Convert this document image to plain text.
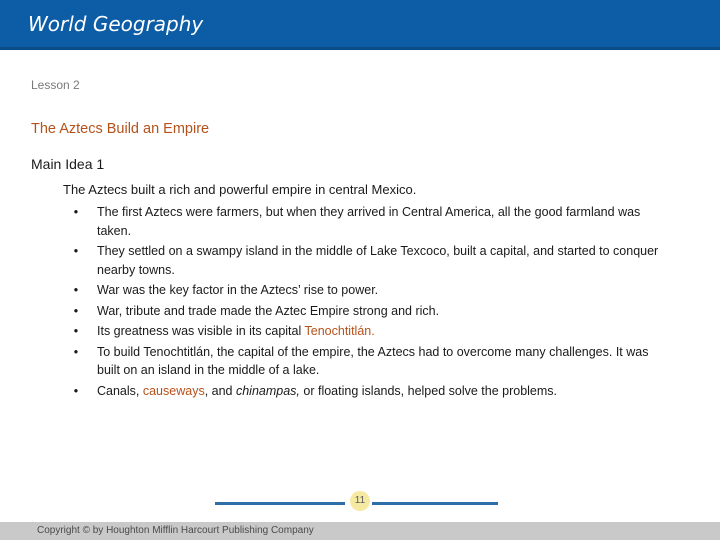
World Geography
Lesson 2
The Aztecs Build an Empire
Main Idea 1
The Aztecs built a rich and powerful empire in central Mexico.
•	The first Aztecs were farmers, but when they arrived in Central America, all the good farmland was taken.
•	They settled on a swampy island in the middle of Lake Texcoco, built a capital, and started to conquer nearby towns.
•	War was the key factor in the Aztecs’ rise to power.
•	War, tribute and trade made the Aztec Empire strong and rich.
•	Its greatness was visible in its capital Tenochtitlán.
•	To build Tenochtitlán, the capital of the empire, the Aztecs had to overcome many challenges. It was built on an island in the middle of a lake.
•	Canals, causeways, and chinampas, or floating islands, helped solve the problems.
11
Copyright © by Houghton Mifflin Harcourt Publishing Company
